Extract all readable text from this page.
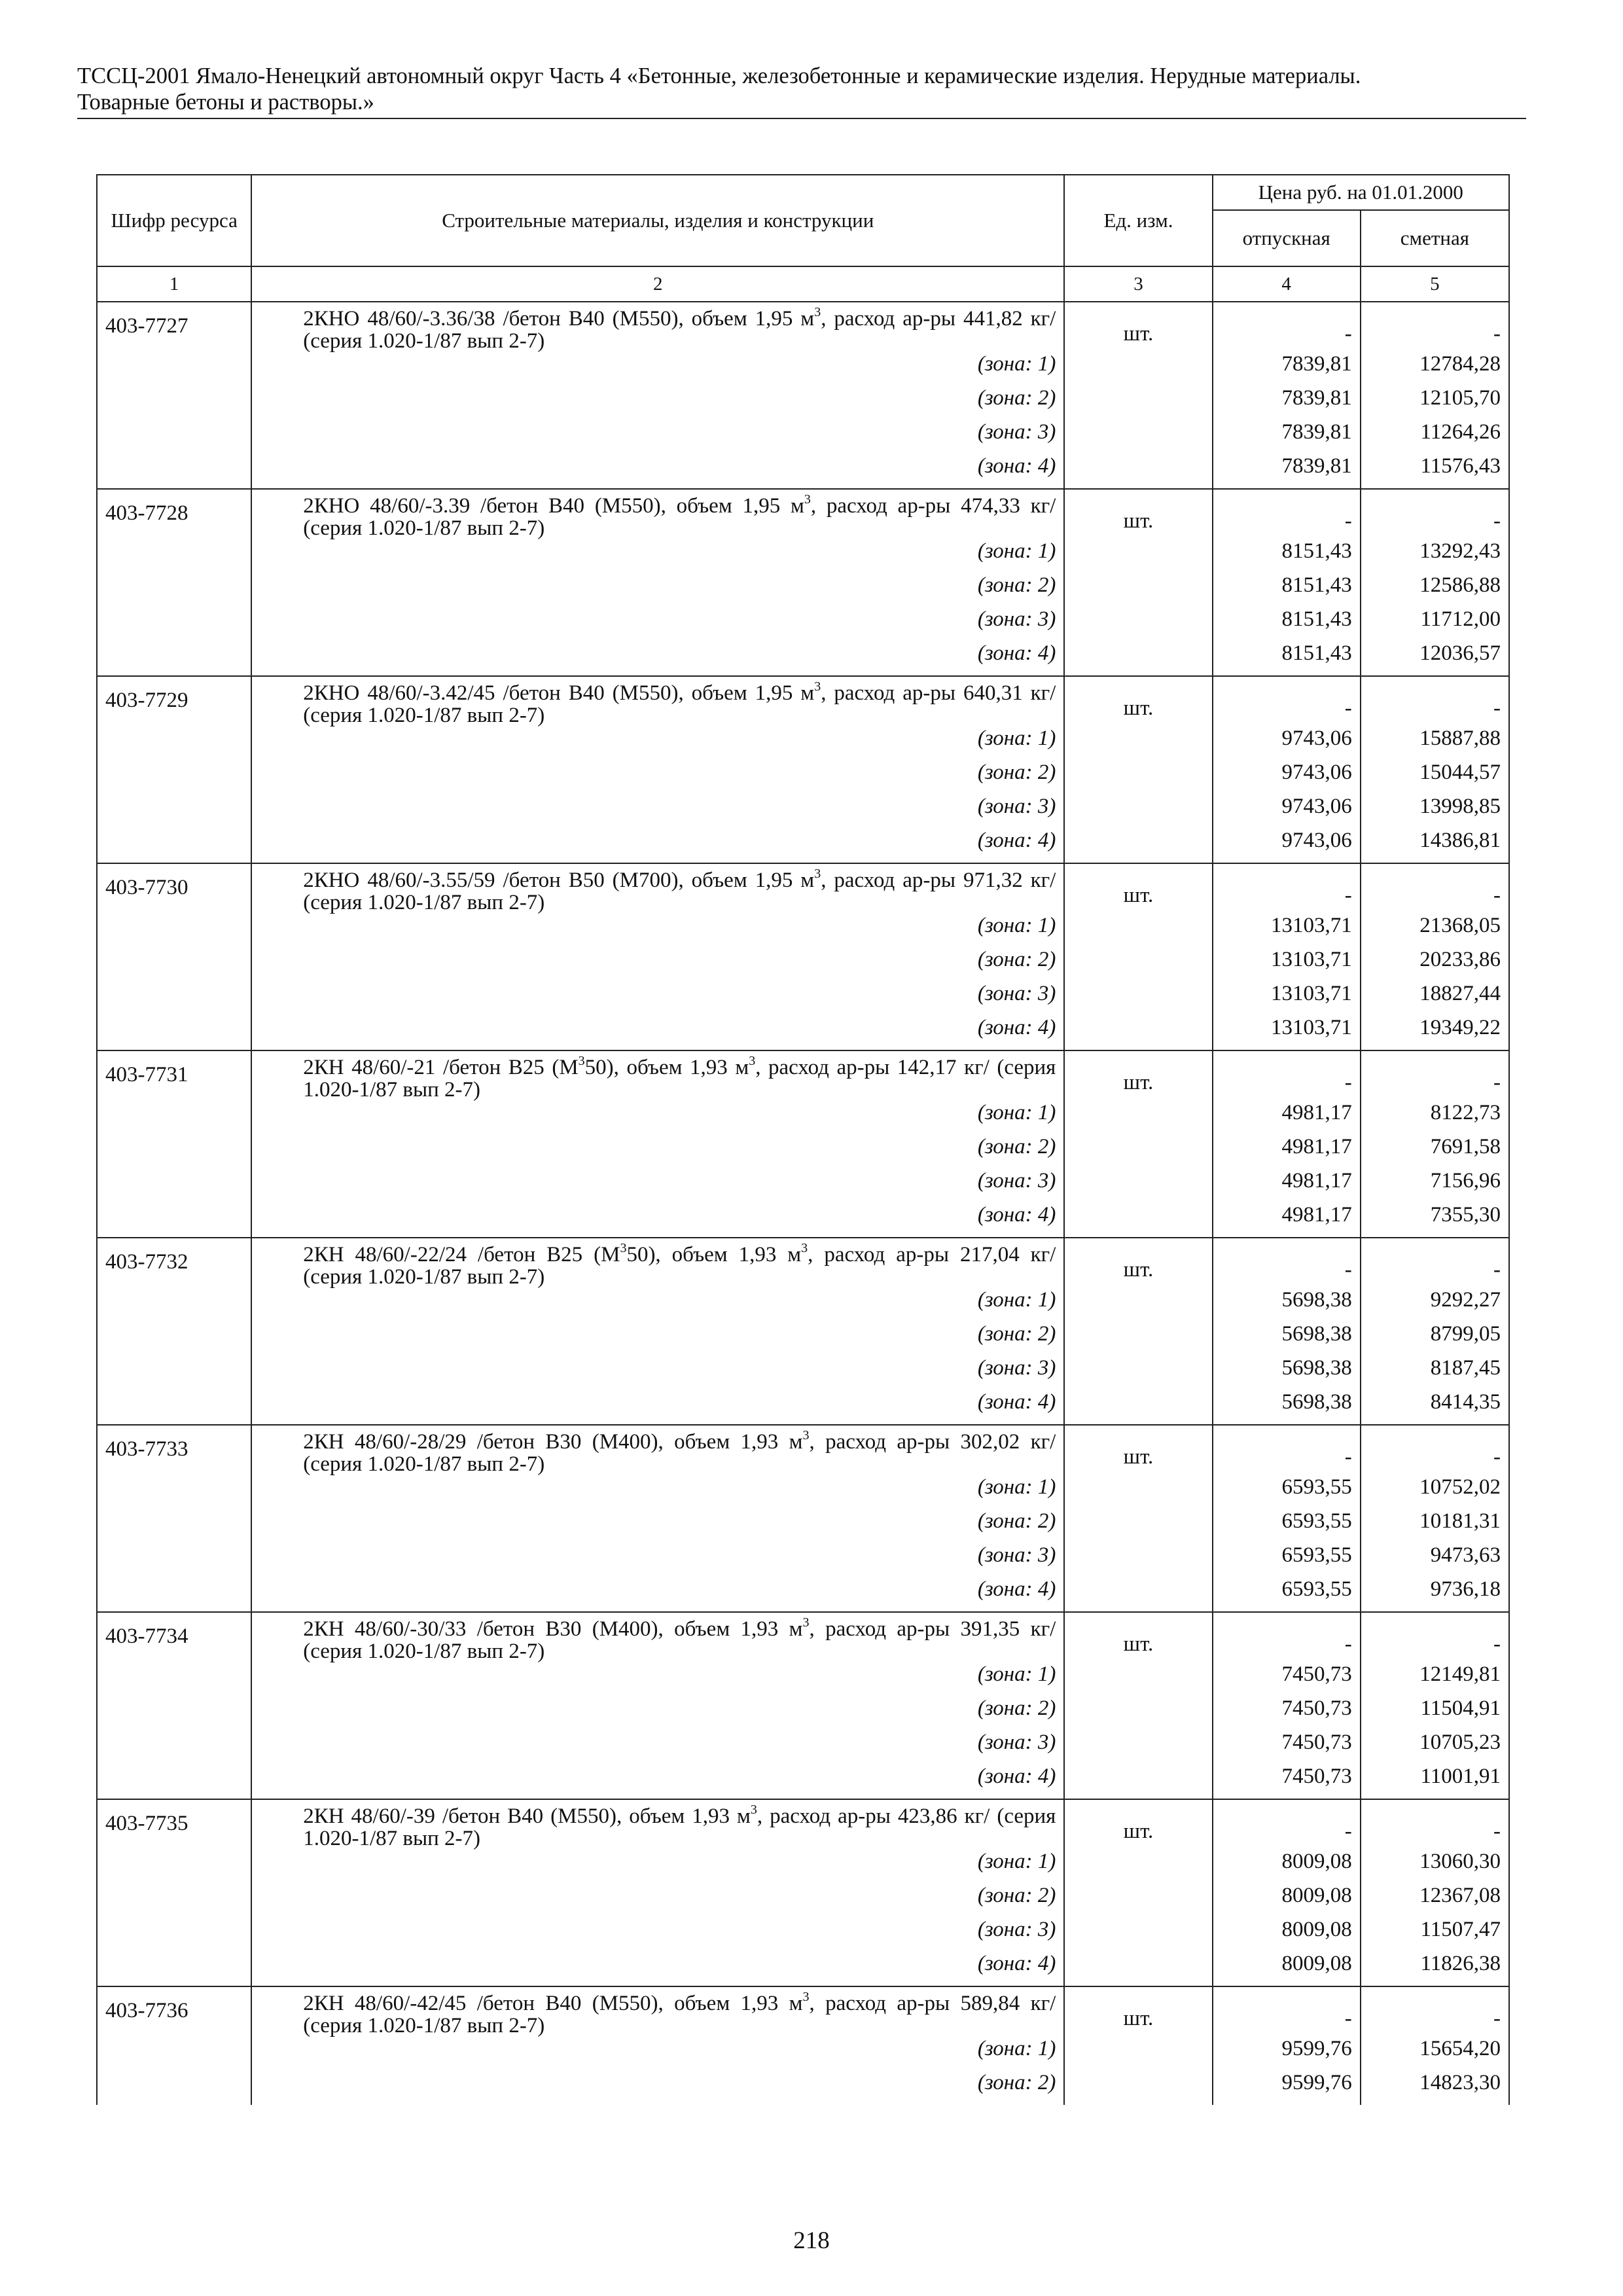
ТССЦ-2001 Ямало-Ненецкий автономный округ Часть 4 «Бетонные, железобетонные и керамические изделия. Нерудные материалы.
Товарные бетоны и растворы.»
Шифр ресурса	Строительные материалы, изделия и конструкции	Ед. изм.	Цена руб. на 01.01.2000	
			отпускная	сметная
1	2	3	4	5
403-7727	2КНО 48/60/-3.36/38 /бетон В40 (М550), объем 1,95 $м^3$, расход ар-ры 441,82 кг/ (серия 1.020-1/87 вып 2-7)	шт.	-	-
	(зона: 1)		7839,81	12784,28
	(зона: 2)		7839,81	12105,70
	(зона: 3)		7839,81	11264,26
	(зона: 4)		7839,81	11576,43
403-7728	2КНО 48/60/-3.39 /бетон В40 (М550), объем 1,95 $м^3$, расход ар-ры 474,33 кг/ (серия 1.020-1/87 вып 2-7)	шт.	-	-
	(зона: 1)		8151,43	13292,43
	(зона: 2)		8151,43	12586,88
	(зона: 3)		8151,43	11712,00
	(зона: 4)		8151,43	12036,57
403-7729	2КНО 48/60/-3.42/45 /бетон В40 (М550), объем 1,95 $м^3$, расход ар-ры 640,31 кг/ (серия 1.020-1/87 вып 2-7)	шт.	-	-
	(зона: 1)		9743,06	15887,88
	(зона: 2)		9743,06	15044,57
	(зона: 3)		9743,06	13998,85
	(зона: 4)		9743,06	14386,81
403-7730	2КНО 48/60/-3.55/59 /бетон В50 (М700), объем 1,95 $м^3$, расход ар-ры 971,32 кг/ (серия 1.020-1/87 вып 2-7)	шт.	-	-
	(зона: 1)		13103,71	21368,05
	(зона: 2)		13103,71	20233,86
	(зона: 3)		13103,71	18827,44
	(зона: 4)		13103,71	19349,22
403-7731	2КН 48/60/-21 /бетон В25 $(М^350)$, объем 1,93 $м^3$, расход ар-ры 142,17 кг/ (серия 1.020-1/87 вып 2-7)	шт.	-	-
	(зона: 1)		4981,17	8122,73
	(зона: 2)		4981,17	7691,58
	(зона: 3)		4981,17	7156,96
	(зона: 4)		4981,17	7355,30
403-7732	2КН 48/60/-22/24 /бетон В25 $(М^350)$, объем 1,93 $м^3$, расход ар-ры 217,04 кг/ (серия 1.020-1/87 вып 2-7)	шт.	-	-
	(зона: 1)		5698,38	9292,27
	(зона: 2)		5698,38	8799,05
	(зона: 3)		5698,38	8187,45
	(зона: 4)		5698,38	8414,35
403-7733	2КН 48/60/-28/29 /бетон В30 (М400), объем 1,93 $м^3$, расход ар-ры 302,02 кг/ (серия 1.020-1/87 вып 2-7)	шт.	-	-
	(зона: 1)		6593,55	10752,02
	(зона: 2)		6593,55	10181,31
	(зона: 3)		6593,55	9473,63
	(зона: 4)		6593,55	9736,18
403-7734	2КН 48/60/-30/33 /бетон В30 (М400), объем 1,93 $м^3$, расход ар-ры 391,35 кг/ (серия 1.020-1/87 вып 2-7)	шт.	-	-
	(зона: 1)		7450,73	12149,81
	(зона: 2)		7450,73	11504,91
	(зона: 3)		7450,73	10705,23
	(зона: 4)		7450,73	11001,91
403-7735	2КН 48/60/-39 /бетон В40 (М550), объем 1,93 $м^3$, расход ар-ры 423,86 кг/ (серия 1.020-1/87 вып 2-7)	шт.	-	-
	(зона: 1)		8009,08	13060,30
	(зона: 2)		8009,08	12367,08
	(зона: 3)		8009,08	11507,47
	(зона: 4)		8009,08	11826,38
403-7736	2КН 48/60/-42/45 /бетон В40 (М550), объем 1,93 $м^3$, расход ар-ры 589,84 кг/ (серия 1.020-1/87 вып 2-7)	шт.	-	-
	(зона: 1)		9599,76	15654,20
	(зона: 2)		9599,76	14823,30
218
